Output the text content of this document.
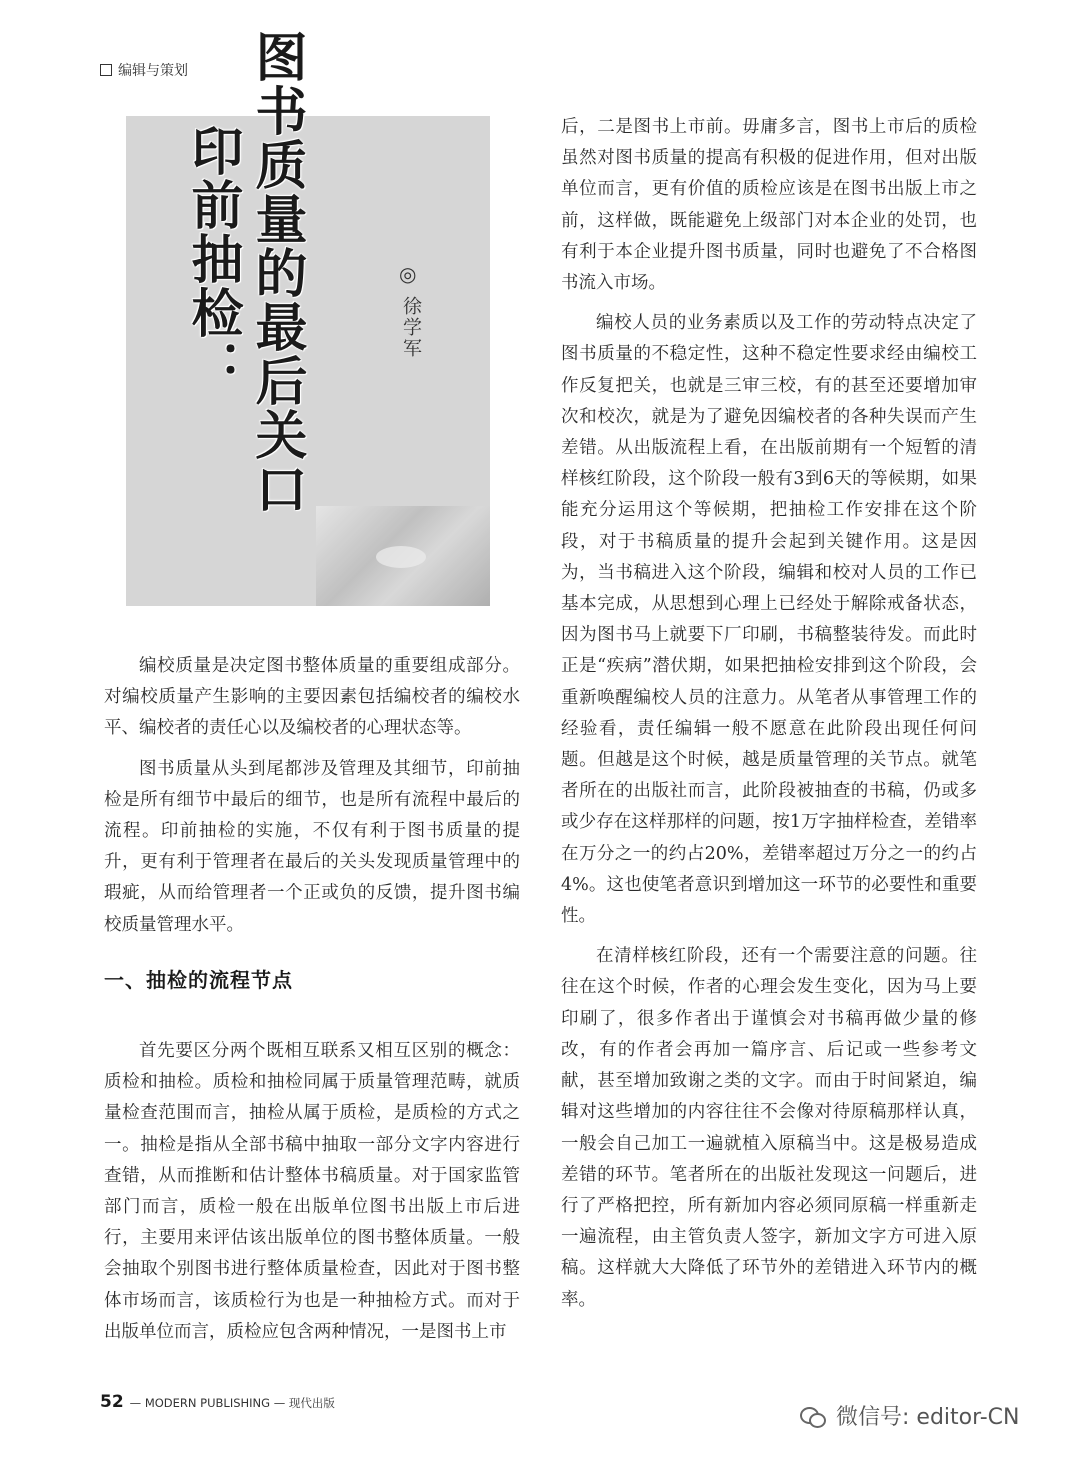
编辑与策划 图书质量的最后关口
印前抽检：	◎
徐学军

编校质量是决定图书整体质量的重要组成部分。对编校质量产生影响的主要因素包括编校者的编校水平、编校者的责任心以及编校者的心理状态等。

图书质量从头到尾都涉及管理及其细节，印前抽检是所有细节中最后的细节，也是所有流程中最后的流程。印前抽检的实施，不仅有利于图书质量的提升，更有利于管理者在最后的关头发现质量管理中的瑕疵，从而给管理者一个正或负的反馈，提升图书编校质量管理水平。

一、抽检的流程节点

首先要区分两个既相互联系又相互区别的概念：质检和抽检。质检和抽检同属于质量管理范畴，就质量检查范围而言，抽检从属于质检，是质检的方式之一。抽检是指从全部书稿中抽取一部分文字内容进行查错，从而推断和估计整体书稿质量。对于国家监管部门而言，质检一般在出版单位图书出版上市后进行，主要用来评估该出版单位的图书整体质量。一般会抽取个别图书进行整体质量检查，因此对于图书整体市场而言，该质检行为也是一种抽检方式。而对于出版单位而言，质检应包含两种情况，一是图书上市

后，二是图书上市前。毋庸多言，图书上市后的质检虽然对图书质量的提高有积极的促进作用，但对出版单位而言，更有价值的质检应该是在图书出版上市之前，这样做，既能避免上级部门对本企业的处罚，也有利于本企业提升图书质量，同时也避免了不合格图书流入市场。

编校人员的业务素质以及工作的劳动特点决定了图书质量的不稳定性，这种不稳定性要求经由编校工作反复把关，也就是三审三校，有的甚至还要增加审次和校次，就是为了避免因编校者的各种失误而产生差错。从出版流程上看，在出版前期有一个短暂的清样核红阶段，这个阶段一般有3到6天的等候期，如果能充分运用这个等候期，把抽检工作安排在这个阶段，对于书稿质量的提升会起到关键作用。这是因为，当书稿进入这个阶段，编辑和校对人员的工作已基本完成，从思想到心理上已经处于解除戒备状态，因为图书马上就要下厂印刷，书稿整装待发。而此时正是“疾病”潜伏期，如果把抽检安排到这个阶段，会重新唤醒编校人员的注意力。从笔者从事管理工作的经验看，责任编辑一般不愿意在此阶段出现任何问题。但越是这个时候，越是质量管理的关节点。就笔者所在的出版社而言，此阶段被抽查的书稿，仍或多或少存在这样那样的问题，按1万字抽样检查，差错率在万分之一的约占20%，差错率超过万分之一的约占4%。这也使笔者意识到增加这一环节的必要性和重要性。

在清样核红阶段，还有一个需要注意的问题。往往在这个时候，作者的心理会发生变化，因为马上要印刷了，很多作者出于谨慎会对书稿再做少量的修改，有的作者会再加一篇序言、后记或一些参考文献，甚至增加致谢之类的文字。而由于时间紧迫，编辑对这些增加的内容往往不会像对待原稿那样认真，一般会自己加工一遍就植入原稿当中。这是极易造成差错的环节。笔者所在的出版社发现这一问题后，进行了严格把控，所有新加内容必须同原稿一样重新走一遍流程，由主管负责人签字，新加文字方可进入原稿。这样就大大降低了环节外的差错进入环节内的概率。

52 — MODERN PUBLISHING — 现代出版
微信号: editor-CN
